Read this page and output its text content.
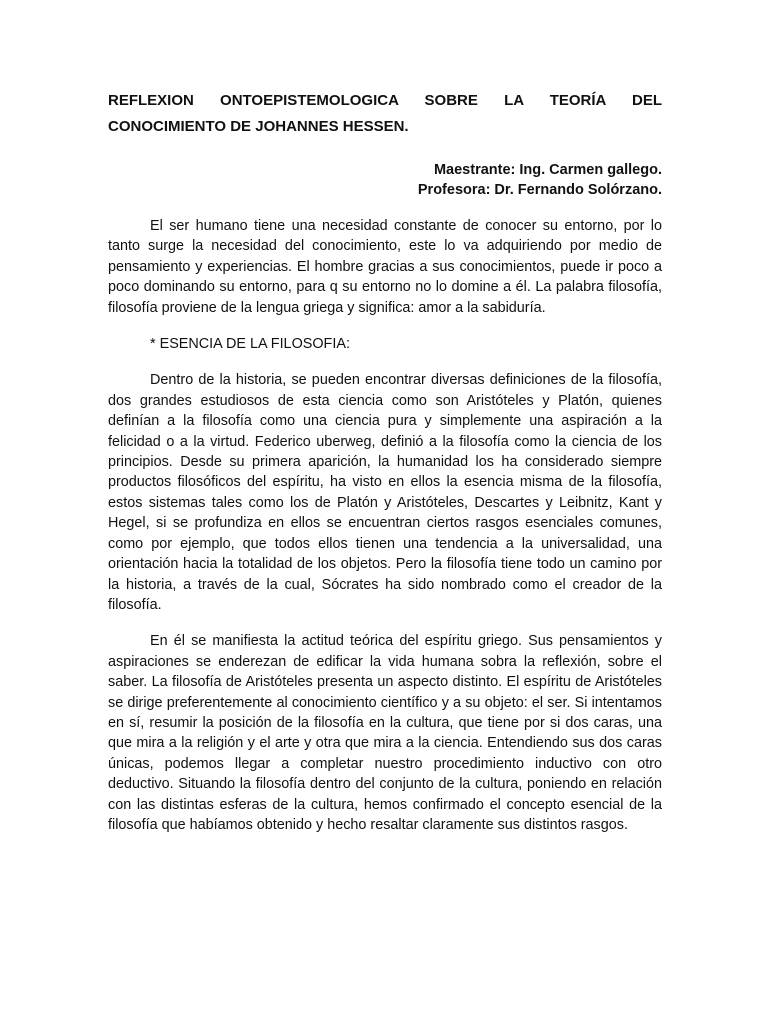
REFLEXION ONTOEPISTEMOLOGICA SOBRE LA TEORÍA DEL
CONOCIMIENTO DE JOHANNES HESSEN.
Maestrante: Ing. Carmen gallego.
Profesora: Dr. Fernando Solórzano.

El ser humano tiene una necesidad constante de conocer su entorno, por lo tanto surge la necesidad del conocimiento, este lo va adquiriendo por medio de pensamiento y experiencias. El hombre gracias a sus conocimientos, puede ir poco a poco dominando su entorno, para q su entorno no lo domine a él. La palabra filosofía, filosofía proviene de la lengua griega y significa: amor a la sabiduría.

* ESENCIA DE LA FILOSOFIA:

Dentro de la historia, se pueden encontrar diversas definiciones de la filosofía, dos grandes estudiosos de esta ciencia como son Aristóteles y Platón, quienes definían a la filosofía como una ciencia pura y simplemente una aspiración a la felicidad o a la virtud. Federico uberweg, definió a la filosofía como la ciencia de los principios. Desde su primera aparición, la humanidad los ha considerado siempre productos filosóficos del espíritu, ha visto en ellos la esencia misma de la filosofía, estos sistemas tales como los de Platón y Aristóteles, Descartes y Leibnitz, Kant y Hegel, si se profundiza en ellos se encuentran ciertos rasgos esenciales comunes, como por ejemplo, que todos ellos tienen una tendencia a la universalidad, una orientación hacia la totalidad de los objetos. Pero la filosofía tiene todo un camino por la historia, a través de la cual, Sócrates ha sido nombrado como el creador de la filosofía.

En él se manifiesta la actitud teórica del espíritu griego. Sus pensamientos y aspiraciones se enderezan de edificar la vida humana sobra la reflexión, sobre el saber. La filosofía de Aristóteles presenta un aspecto distinto. El espíritu de Aristóteles se dirige preferentemente al conocimiento científico y a su objeto: el ser. Si intentamos en sí, resumir la posición de la filosofía en la cultura, que tiene por si dos caras, una que mira a la religión y el arte y otra que mira a la ciencia. Entendiendo sus dos caras únicas, podemos llegar a completar nuestro procedimiento inductivo con otro deductivo. Situando la filosofía dentro del conjunto de la cultura, poniendo en relación con las distintas esferas de la cultura, hemos confirmado el concepto esencial de la filosofía que habíamos obtenido y hecho resaltar claramente sus distintos rasgos.
